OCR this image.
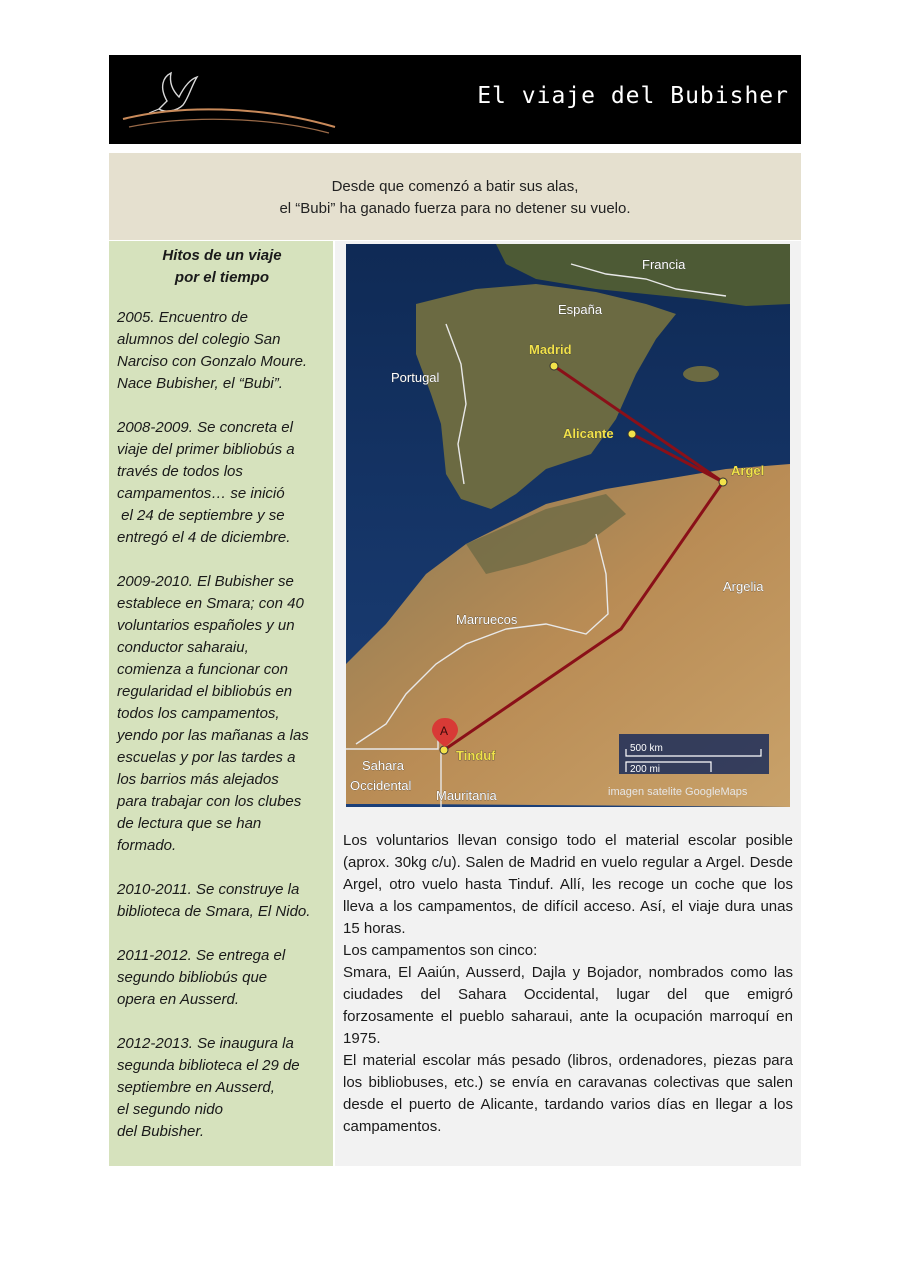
El viaje del Bubisher
Desde que comenzó a batir sus alas,
el “Bubi” ha ganado fuerza para no detener su vuelo.
Hitos de un viaje
por el tiempo

2005. Encuentro de
alumnos del colegio San
Narciso con Gonzalo Moure.
Nace Bubisher, el “Bubi”.

2008-2009. Se concreta el
viaje del primer bibliobús a
través de todos los
campamentos… se inició
el 24 de septiembre y se
entregó el 4 de diciembre.

2009-2010. El Bubisher se
establece en Smara; con 40
voluntarios españoles y un
conductor saharaiu,
comienza a funcionar con
regularidad el bibliobús en
todos los campamentos,
yendo por las mañanas a las
escuelas y por las tardes a
los barrios más alejados
para trabajar con los clubes
de lectura que se han
formado.

2010-2011. Se construye la
biblioteca de Smara, El Nido.

2011-2012. Se entrega el
segundo bibliobús que
opera en Ausserd.

2012-2013. Se inaugura la
segunda biblioteca el 29 de
septiembre en Ausserd,
el segundo nido
del Bubisher.

A
Francia
España
Portugal
Marruecos
Argelia
Sahara
Occidental
Mauritania
Madrid
Alicante
Argel
Tinduf	500 km
200 mi
imagen satelite GoogleMaps

Los voluntarios llevan consigo todo el material escolar posible (aprox. 30kg c/u). Salen de Madrid en vuelo regular a Argel. Desde Argel, otro vuelo hasta Tinduf. Allí, les recoge un coche que los lleva a los campamentos, de difícil acceso. Así, el viaje dura unas 15 horas.

Los campamentos son cinco:

Smara, El Aaiún, Ausserd, Dajla y Bojador, nombrados como las ciudades del Sahara Occidental, lugar del que emigró forzosamente el pueblo saharaui, ante la ocupación marroquí en 1975.

El material escolar más pesado (libros, ordenadores, piezas para los bibliobuses, etc.) se envía en caravanas colectivas que salen desde el puerto de Alicante, tardando varios días en llegar a los campamentos.
